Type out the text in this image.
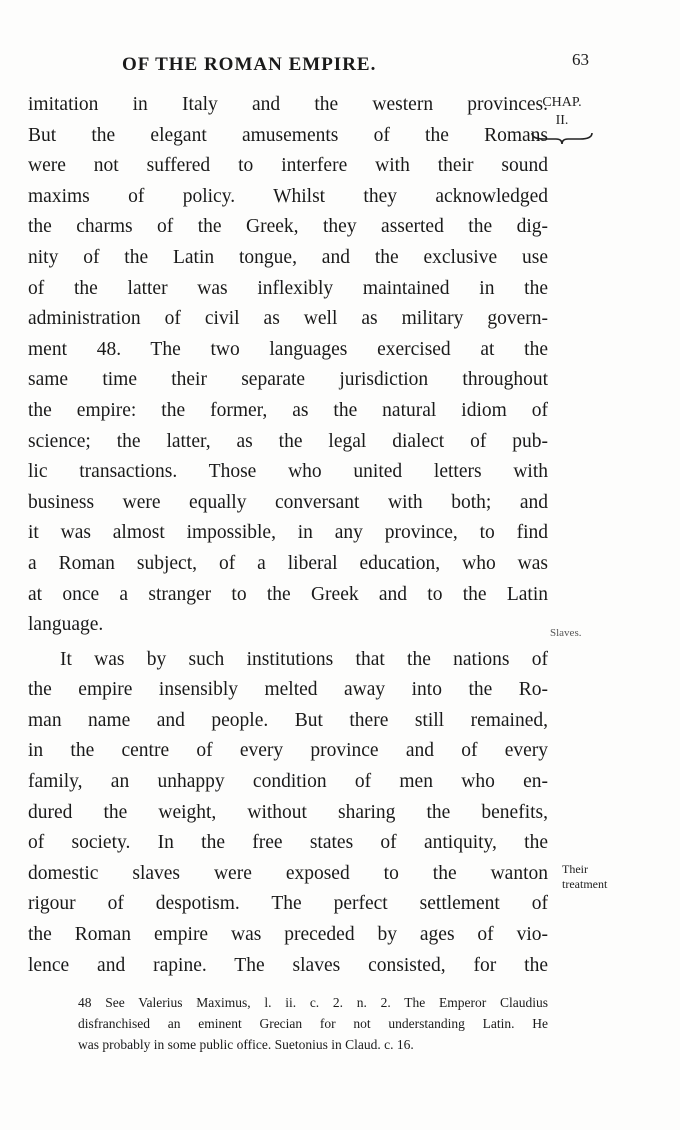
OF THE ROMAN EMPIRE.	63
CHAP.
II.
imitation in Italy and the western provinces.
But the elegant amusements of the Romans
were not suffered to interfere with their sound
maxims of policy. Whilst they acknowledged
the charms of the Greek, they asserted the dig-
nity of the Latin tongue, and the exclusive use
of the latter was inflexibly maintained in the
administration of civil as well as military govern-
ment 48. The two languages exercised at the
same time their separate jurisdiction throughout
the empire: the former, as the natural idiom of
science; the latter, as the legal dialect of pub-
lic transactions. Those who united letters with
business were equally conversant with both; and
it was almost impossible, in any province, to find
a Roman subject, of a liberal education, who was
at once a stranger to the Greek and to the Latin
language.
It was by such institutions that the nations of
the empire insensibly melted away into the Ro-
man name and people. But there still remained,
in the centre of every province and of every
family, an unhappy condition of men who en-
dured the weight, without sharing the benefits,
of society. In the free states of antiquity, the
domestic slaves were exposed to the wanton
rigour of despotism. The perfect settlement of
the Roman empire was preceded by ages of vio-
lence and rapine. The slaves consisted, for the
Slaves.
Their
treatment
48 See Valerius Maximus, l. ii. c. 2. n. 2. The Emperor Claudius
disfranchised an eminent Grecian for not understanding Latin. He
was probably in some public office. Suetonius in Claud. c. 16.
